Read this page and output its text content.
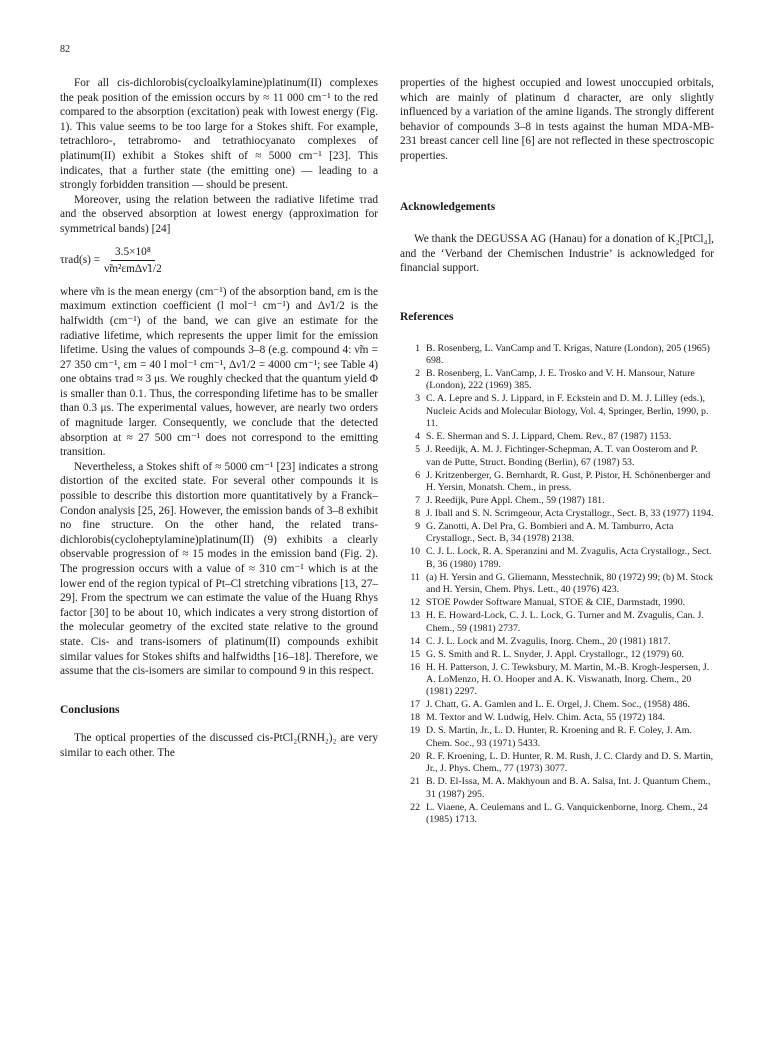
82

For all cis-dichlorobis(cycloalkylamine)platinum(II) complexes the peak position of the emission occurs by ≈ 11 000 cm⁻¹ to the red compared to the absorption (excitation) peak with lowest energy (Fig. 1). This value seems to be too large for a Stokes shift. For example, tetrachloro-, tetrabromo- and tetrathiocyanato complexes of platinum(II) exhibit a Stokes shift of ≈ 5000 cm⁻¹ [23]. This indicates, that a further state (the emitting one) — leading to a strongly forbidden transition — should be present.

Moreover, using the relation between the radiative lifetime τrad and the observed absorption at lowest energy (approximation for symmetrical bands) [24]

$\tau rad(s) = \frac{\text{3.5×10⁸}}{\text{ν̃m²εmΔν̃1/2}}$

where ν̃m is the mean energy (cm⁻¹) of the absorption band, εm is the maximum extinction coefficient (l mol⁻¹ cm⁻¹) and Δν̃1/2 is the halfwidth (cm⁻¹) of the band, we can give an estimate for the radiative lifetime, which represents the upper limit for the emission lifetime. Using the values of compounds 3–8 (e.g. compound 4: ν̃m = 27 350 cm⁻¹, εm = 40 l mol⁻¹ cm⁻¹, Δν̃1/2 = 4000 cm⁻¹; see Table 4) one obtains τrad ≈ 3 μs. We roughly checked that the quantum yield Φ is smaller than 0.1. Thus, the corresponding lifetime has to be smaller than 0.3 μs. The experimental values, however, are nearly two orders of magnitude larger. Consequently, we conclude that the detected absorption at ≈ 27 500 cm⁻¹ does not correspond to the emitting transition.

Nevertheless, a Stokes shift of ≈ 5000 cm⁻¹ [23] indicates a strong distortion of the excited state. For several other compounds it is possible to describe this distortion more quantitatively by a Franck–Condon analysis [25, 26]. However, the emission bands of 3–8 exhibit no fine structure. On the other hand, the related trans-dichlorobis(cycloheptylamine)platinum(II) (9) exhibits a clearly observable progression of ≈ 15 modes in the emission band (Fig. 2). The progression occurs with a value of ≈ 310 cm⁻¹ which is at the lower end of the region typical of Pt–Cl stretching vibrations [13, 27–29]. From the spectrum we can estimate the value of the Huang Rhys factor [30] to be about 10, which indicates a very strong distortion of the molecular geometry of the excited state relative to the ground state. Cis- and trans-isomers of platinum(II) compounds exhibit similar values for Stokes shifts and halfwidths [16–18]. Therefore, we assume that the cis-isomers are similar to compound 9 in this respect.

Conclusions

The optical properties of the discussed cis-PtCl₂(RNH₂)₂ are very similar to each other. The

properties of the highest occupied and lowest unoccupied orbitals, which are mainly of platinum d character, are only slightly influenced by a variation of the amine ligands. The strongly different behavior of compounds 3–8 in tests against the human MDA-MB-231 breast cancer cell line [6] are not reflected in these spectroscopic properties.

Acknowledgements

We thank the DEGUSSA AG (Hanau) for a donation of K₂[PtCl₄], and the ‘Verband der Chemischen Industrie’ is acknowledged for financial support.

References
1 B. Rosenberg, L. VanCamp and T. Krigas, Nature (London), 205 (1965) 698.
2 B. Rosenberg, L. VanCamp, J. E. Trosko and V. H. Mansour, Nature (London), 222 (1969) 385.
3 C. A. Lepre and S. J. Lippard, in F. Eckstein and D. M. J. Lilley (eds.), Nucleic Acids and Molecular Biology, Vol. 4, Springer, Berlin, 1990, p. 11.
4 S. E. Sherman and S. J. Lippard, Chem. Rev., 87 (1987) 1153.
5 J. Reedijk, A. M. J. Fichtinger-Schepman, A. T. van Oosterom and P. van de Putte, Struct. Bonding (Berlin), 67 (1987) 53.
6 J. Kritzenberger, G. Bernhardt, R. Gust, P. Pistor, H. Schönenberger and H. Yersin, Monatsh. Chem., in press.
7 J. Reedijk, Pure Appl. Chem., 59 (1987) 181.
8 J. Iball and S. N. Scrimgeour, Acta Crystallogr., Sect. B, 33 (1977) 1194.
9 G. Zanotti, A. Del Pra, G. Bombieri and A. M. Tamburro, Acta Crystallogr., Sect. B, 34 (1978) 2138.
10 C. J. L. Lock, R. A. Speranzini and M. Zvagulis, Acta Crystallogr., Sect. B, 36 (1980) 1789.
11 (a) H. Yersin and G. Gliemann, Messtechnik, 80 (1972) 99; (b) M. Stock and H. Yersin, Chem. Phys. Lett., 40 (1976) 423.
12 STOE Powder Software Manual, STOE & CIE, Darmstadt, 1990.
13 H. E. Howard-Lock, C. J. L. Lock, G. Turner and M. Zvagulis, Can. J. Chem., 59 (1981) 2737.
14 C. J. L. Lock and M. Zvagulis, Inorg. Chem., 20 (1981) 1817.
15 G. S. Smith and R. L. Snyder, J. Appl. Crystallogr., 12 (1979) 60.
16 H. H. Patterson, J. C. Tewksbury, M. Martin, M.-B. Krogh-Jespersen, J. A. LoMenzo, H. O. Hooper and A. K. Viswanath, Inorg. Chem., 20 (1981) 2297.
17 J. Chatt, G. A. Gamlen and L. E. Orgel, J. Chem. Soc., (1958) 486.
18 M. Textor and W. Ludwig, Helv. Chim. Acta, 55 (1972) 184.
19 D. S. Martin, Jr., L. D. Hunter, R. Kroening and R. F. Coley, J. Am. Chem. Soc., 93 (1971) 5433.
20 R. F. Kroening, L. D. Hunter, R. M. Rush, J. C. Clardy and D. S. Martin, Jr., J. Phys. Chem., 77 (1973) 3077.
21 B. D. El-Issa, M. A. Makhyoun and B. A. Salsa, Int. J. Quantum Chem., 31 (1987) 295.
22 L. Viaene, A. Ceulemans and L. G. Vanquickenborne, Inorg. Chem., 24 (1985) 1713.
